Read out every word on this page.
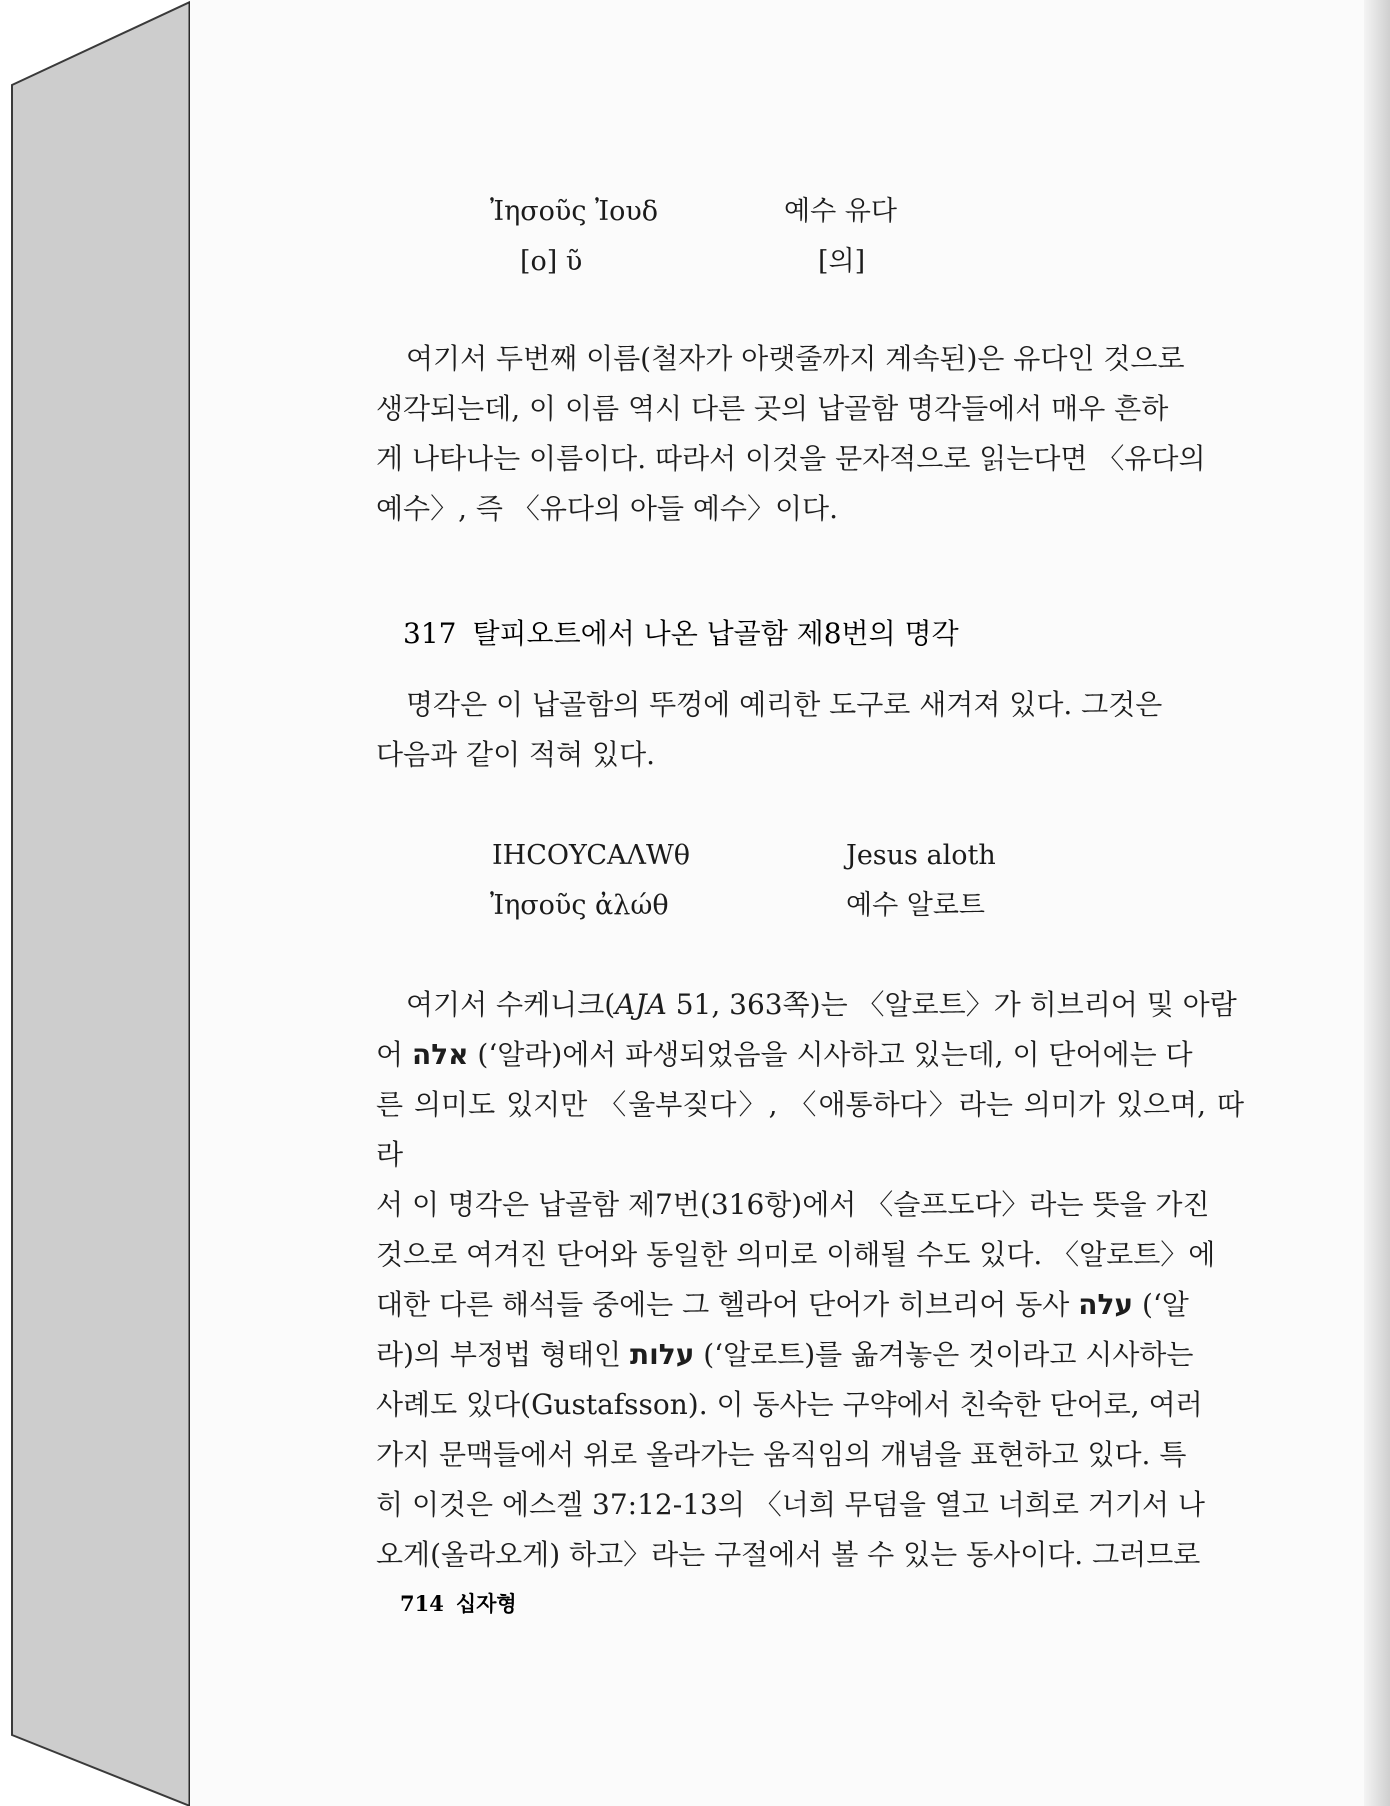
Ἰησοῦς Ἰουδ
[ο] ῦ
예수 유다
[의]

여기서 두번째 이름(철자가 아랫줄까지 계속된)은 유다인 것으로

생각되는데, 이 이름 역시 다른 곳의 납골함 명각들에서 매우 흔하

게 나타나는 이름이다. 따라서 이것을 문자적으로 읽는다면 〈유다의

예수〉, 즉 〈유다의 아들 예수〉이다.

317 탈피오트에서 나온 납골함 제8번의 명각

명각은 이 납골함의 뚜껑에 예리한 도구로 새겨져 있다. 그것은

다음과 같이 적혀 있다.

IHCOYCAΛWθ
Ἰησοῦς ἀλώθ
Jesus aloth
예수 알로트

여기서 수케니크(AJA 51, 363쪽)는 〈알로트〉가 히브리어 및 아람

어 אלה (‘알라)에서 파생되었음을 시사하고 있는데, 이 단어에는 다

른 의미도 있지만 〈울부짖다〉, 〈애통하다〉라는 의미가 있으며, 따라

서 이 명각은 납골함 제7번(316항)에서 〈슬프도다〉라는 뜻을 가진

것으로 여겨진 단어와 동일한 의미로 이해될 수도 있다. 〈알로트〉에

대한 다른 해석들 중에는 그 헬라어 단어가 히브리어 동사 עלה (‘알

라)의 부정법 형태인 עלות (‘알로트)를 옮겨놓은 것이라고 시사하는

사례도 있다(Gustafsson). 이 동사는 구약에서 친숙한 단어로, 여러

가지 문맥들에서 위로 올라가는 움직임의 개념을 표현하고 있다. 특

히 이것은 에스겔 37:12-13의 〈너희 무덤을 열고 너희로 거기서 나

오게(올라오게) 하고〉라는 구절에서 볼 수 있는 동사이다. 그러므로

714 십자형
